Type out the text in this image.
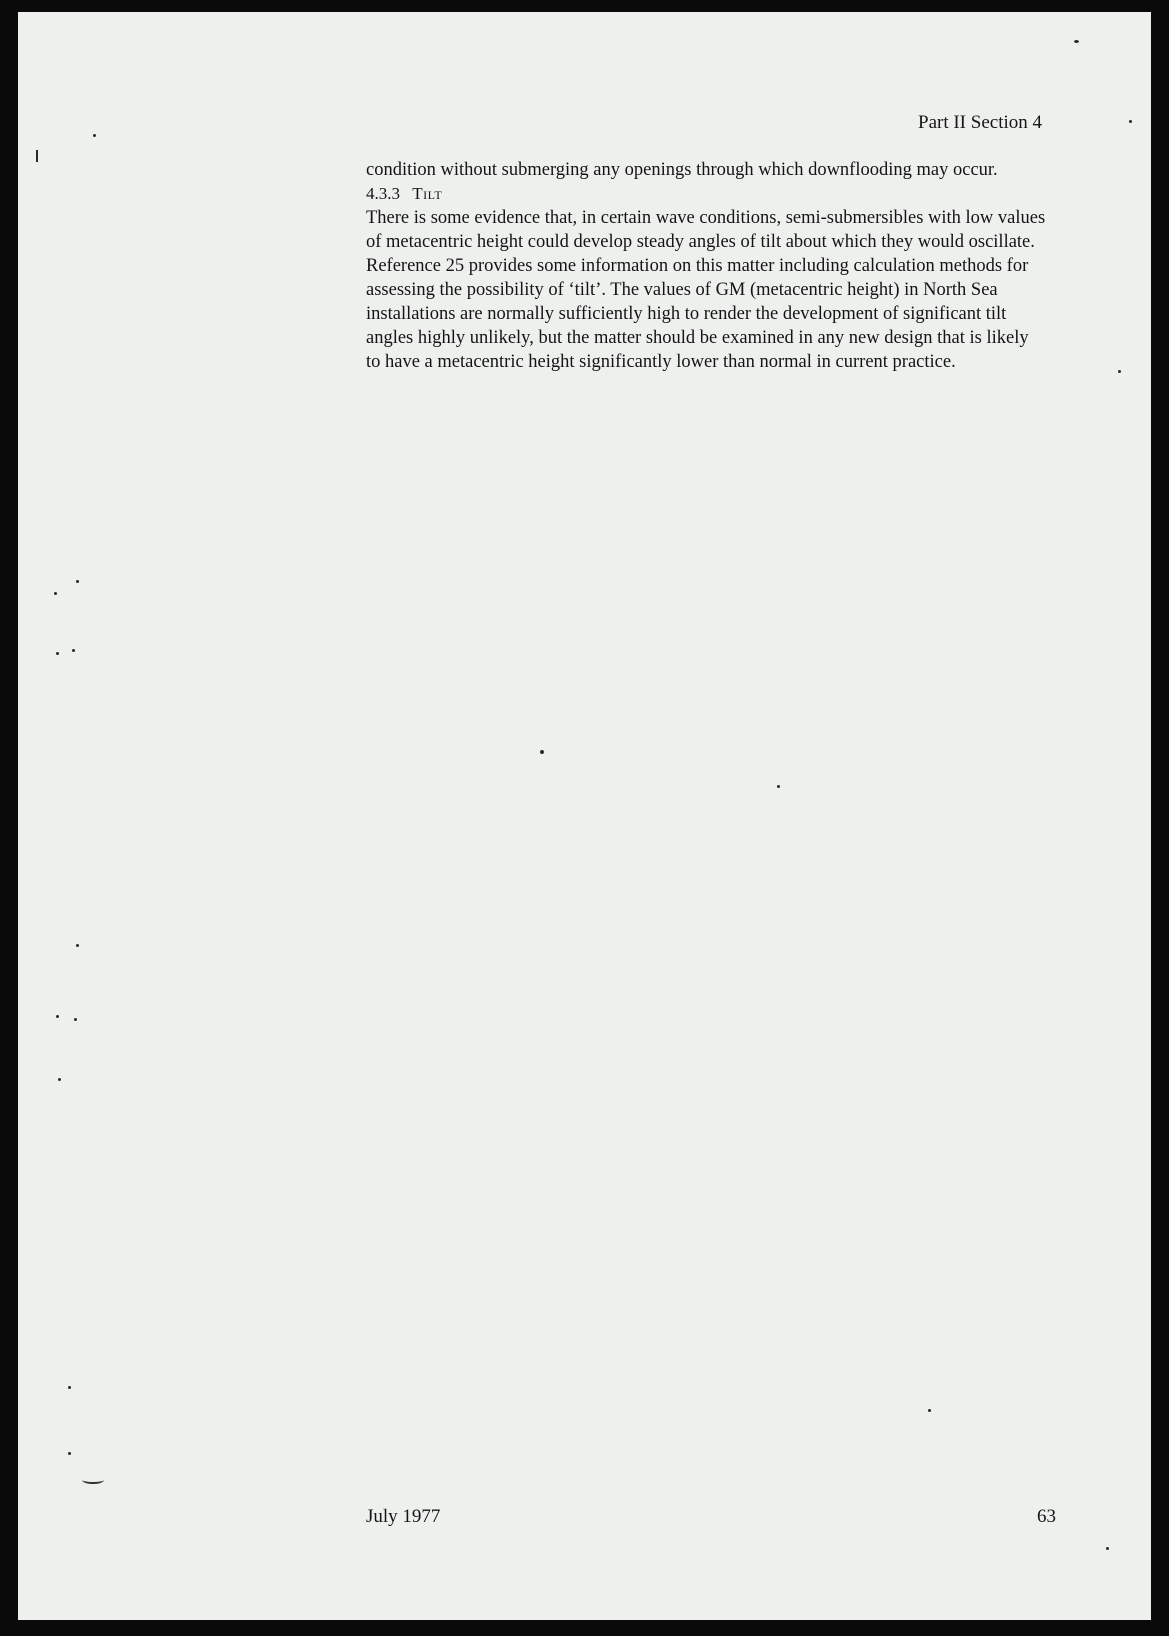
Part II Section 4

condition without submerging any openings through which downflooding may occur.

4.3.3 Tilt

There is some evidence that, in certain wave conditions, semi-submersibles with low values of metacentric height could develop steady angles of tilt about which they would oscillate. Reference 25 provides some information on this matter including calculation methods for assessing the possibility of ‘tilt’. The values of GM (metacentric height) in North Sea installations are normally sufficiently high to render the development of significant tilt angles highly unlikely, but the matter should be examined in any new design that is likely to have a metacentric height significantly lower than normal in current practice.

July 1977	63
